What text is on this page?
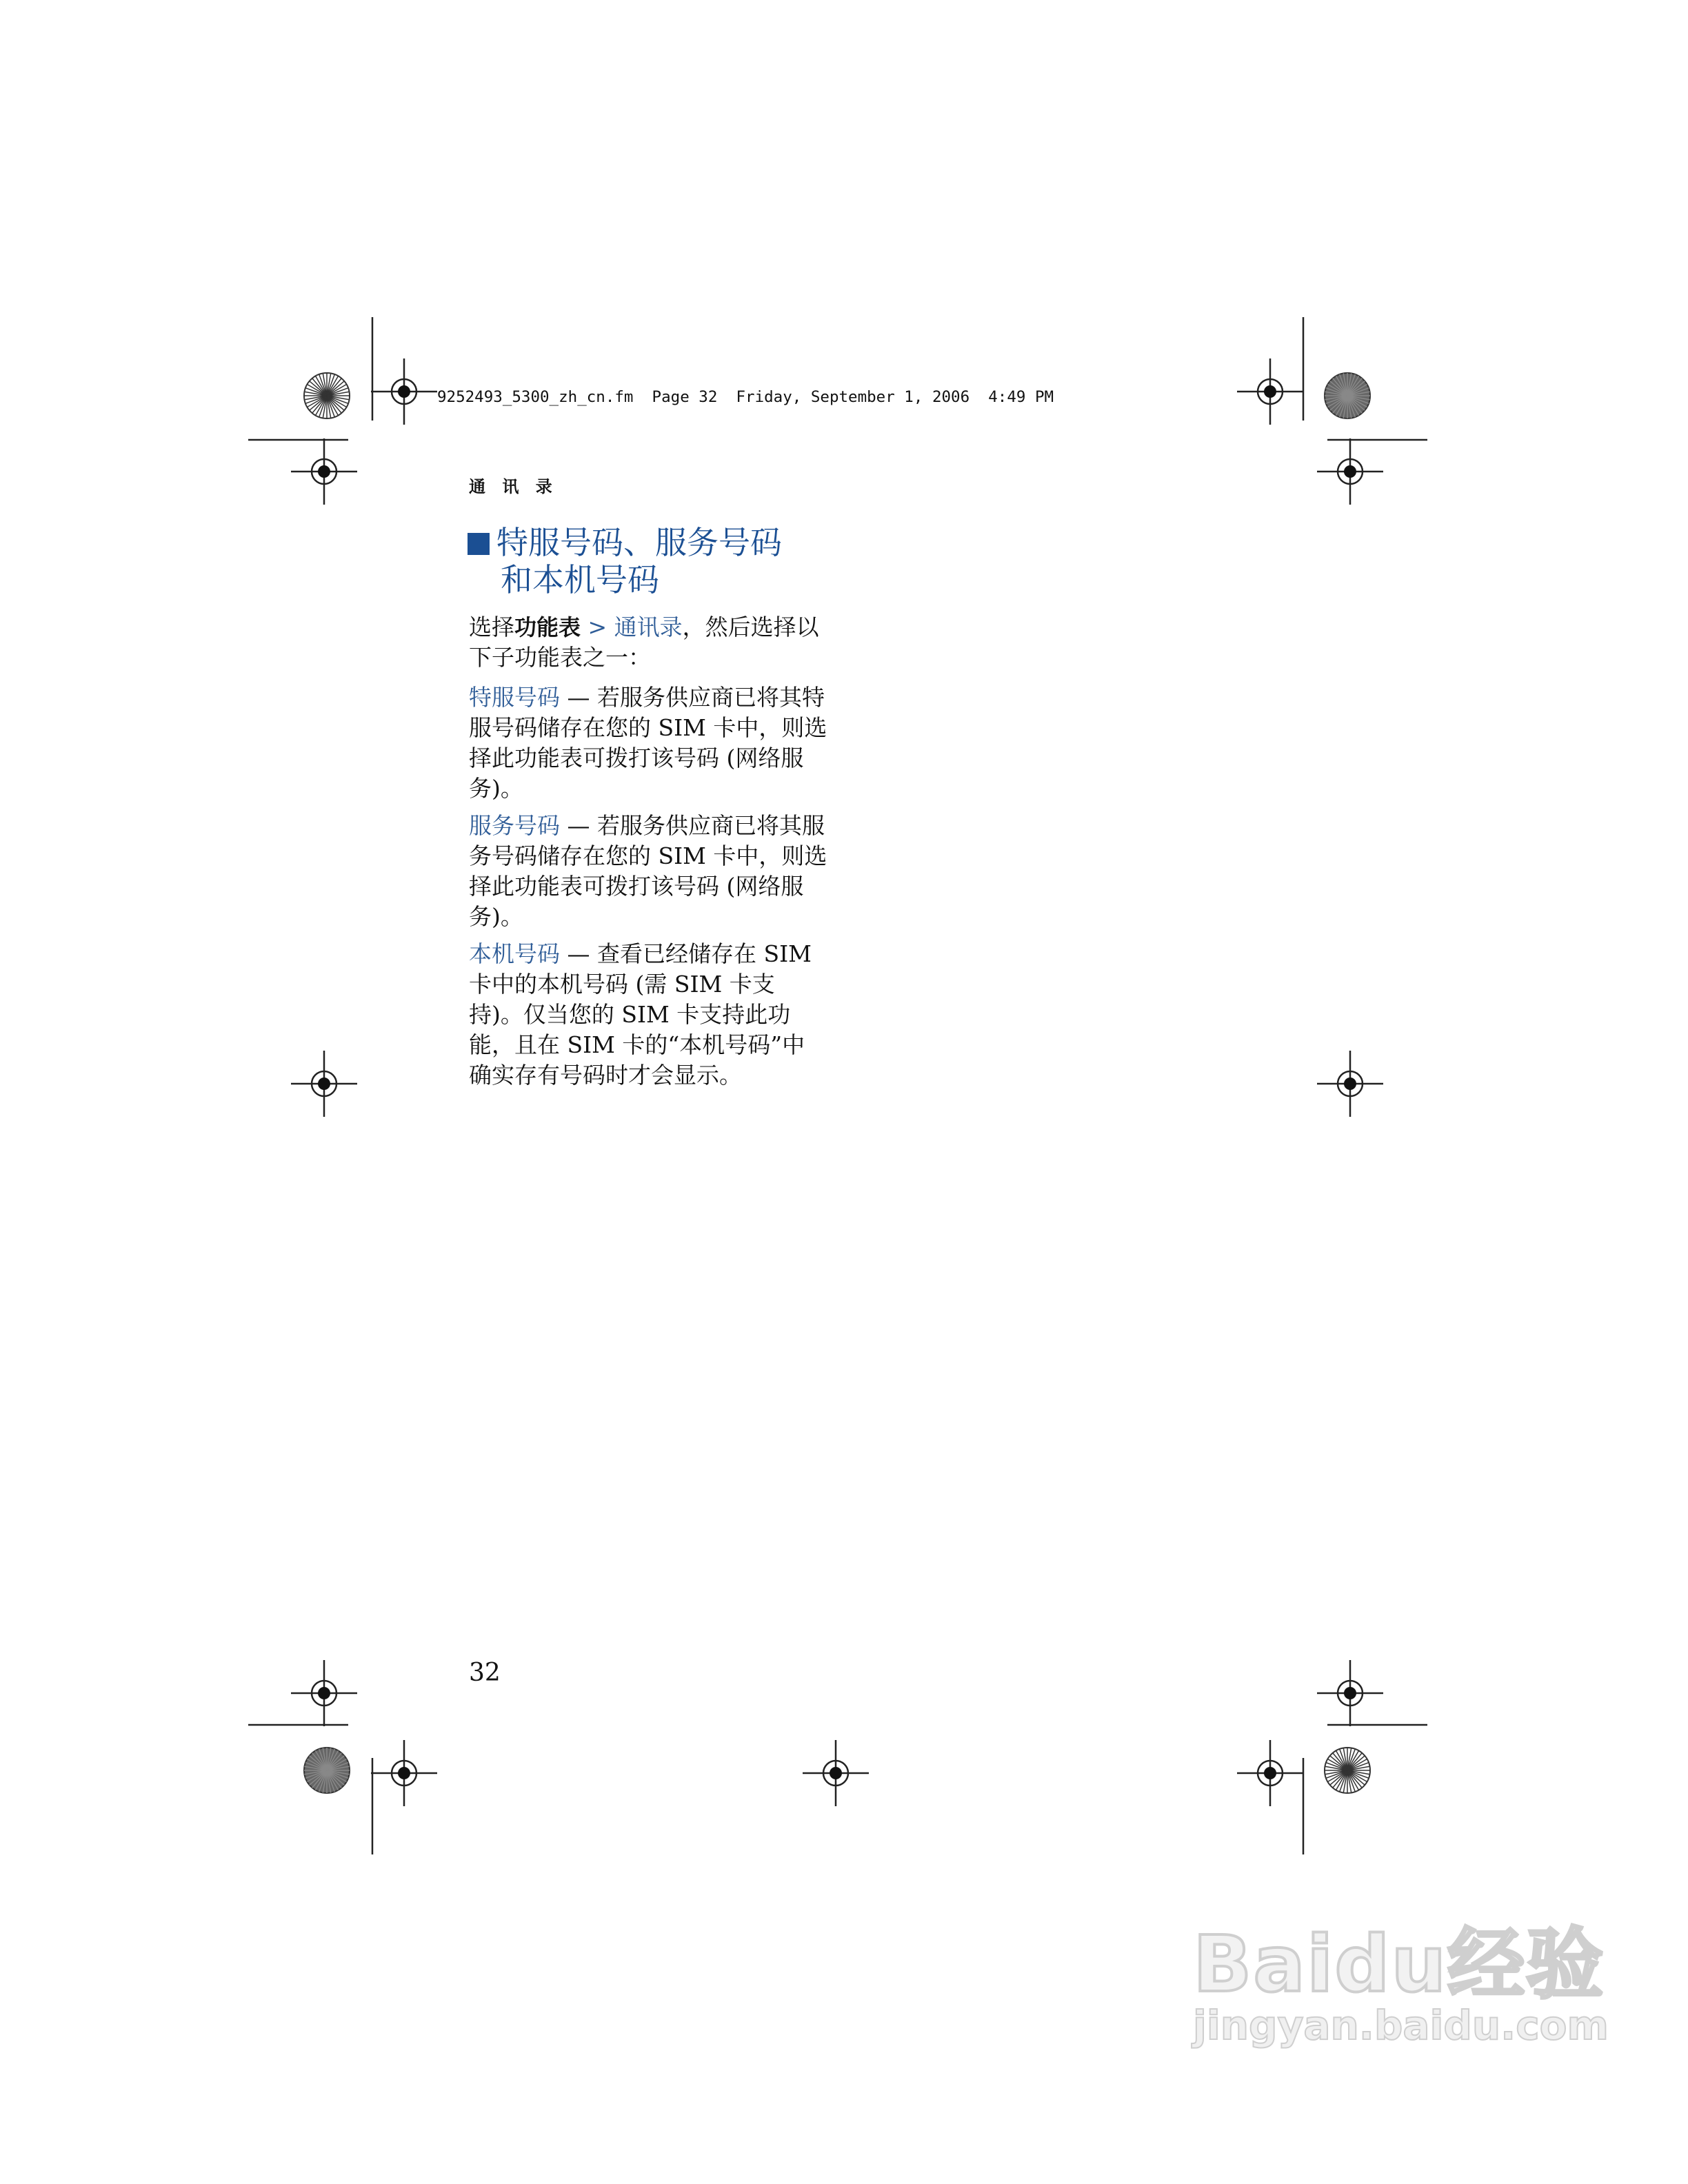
9252493_5300_zh_cn.fm  Page 32  Friday, September 1, 2006  4:49 PM

通 讯 录

特服号码、服务号码
和本机号码

选择功能表 > 通讯录，然后选择以下子功能表之一：

特服号码 — 若服务供应商已将其特服号码储存在您的 SIM 卡中，则选择此功能表可拨打该号码 (网络服务)。

服务号码 — 若服务供应商已将其服务号码储存在您的 SIM 卡中，则选择此功能表可拨打该号码 (网络服务)。

本机号码 — 查看已经储存在 SIM 卡中的本机号码 (需 SIM 卡支持)。仅当您的 SIM 卡支持此功能，且在 SIM 卡的“本机号码”中确实存有号码时才会显示。

32

Baidu经验
jingyan.baidu.com
